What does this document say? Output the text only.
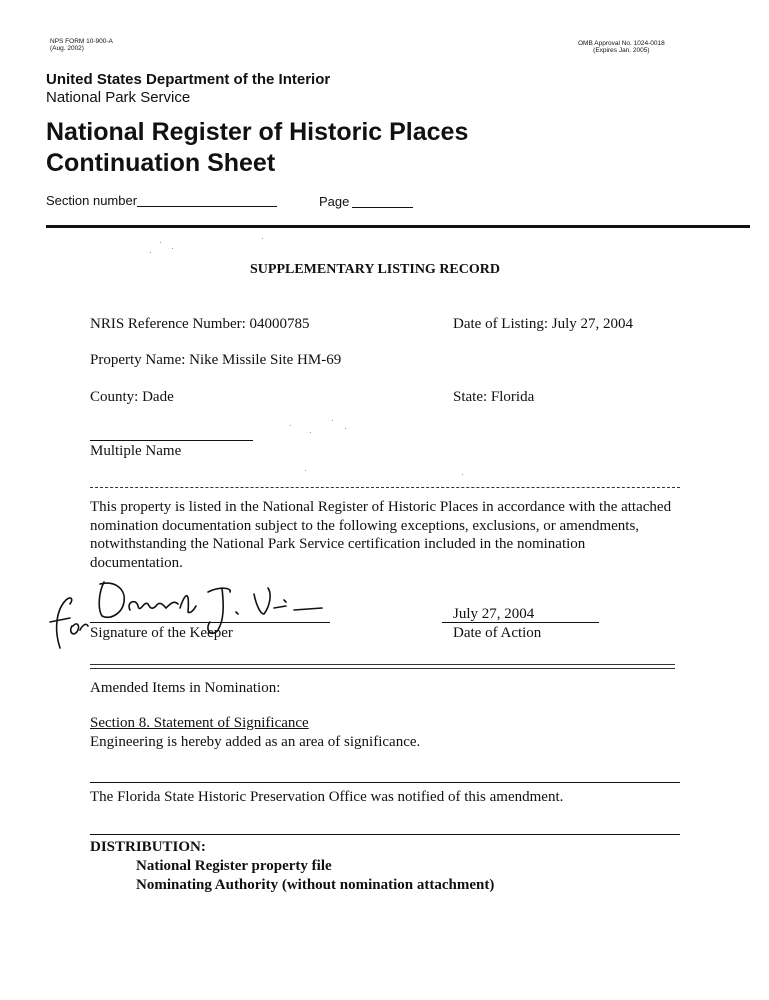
NPS FORM 10-900-A
(Aug. 2002)
OMB Approval No. 1024-0018
(Expires Jan. 2005)
United States Department of the Interior
National Park Service
National Register of Historic Places
Continuation Sheet
Section number	Page
SUPPLEMENTARY LISTING RECORD
NRIS Reference Number: 04000785	Date of Listing: July 27, 2004
Property Name: Nike Missile Site HM-69
County: Dade	State: Florida
Multiple Name
This property is listed in the National Register of Historic Places in accordance with the attached
nomination documentation subject to the following exceptions, exclusions, or amendments,
notwithstanding the National Park Service certification included in the nomination
documentation.
Signature of the Keeper
July 27, 2004
Date of Action
Amended Items in Nomination:
Section 8. Statement of Significance
Engineering is hereby added as an area of significance.
The Florida State Historic Preservation Office was notified of this amendment.
DISTRIBUTION:
National Register property file
Nominating Authority (without nomination attachment)
